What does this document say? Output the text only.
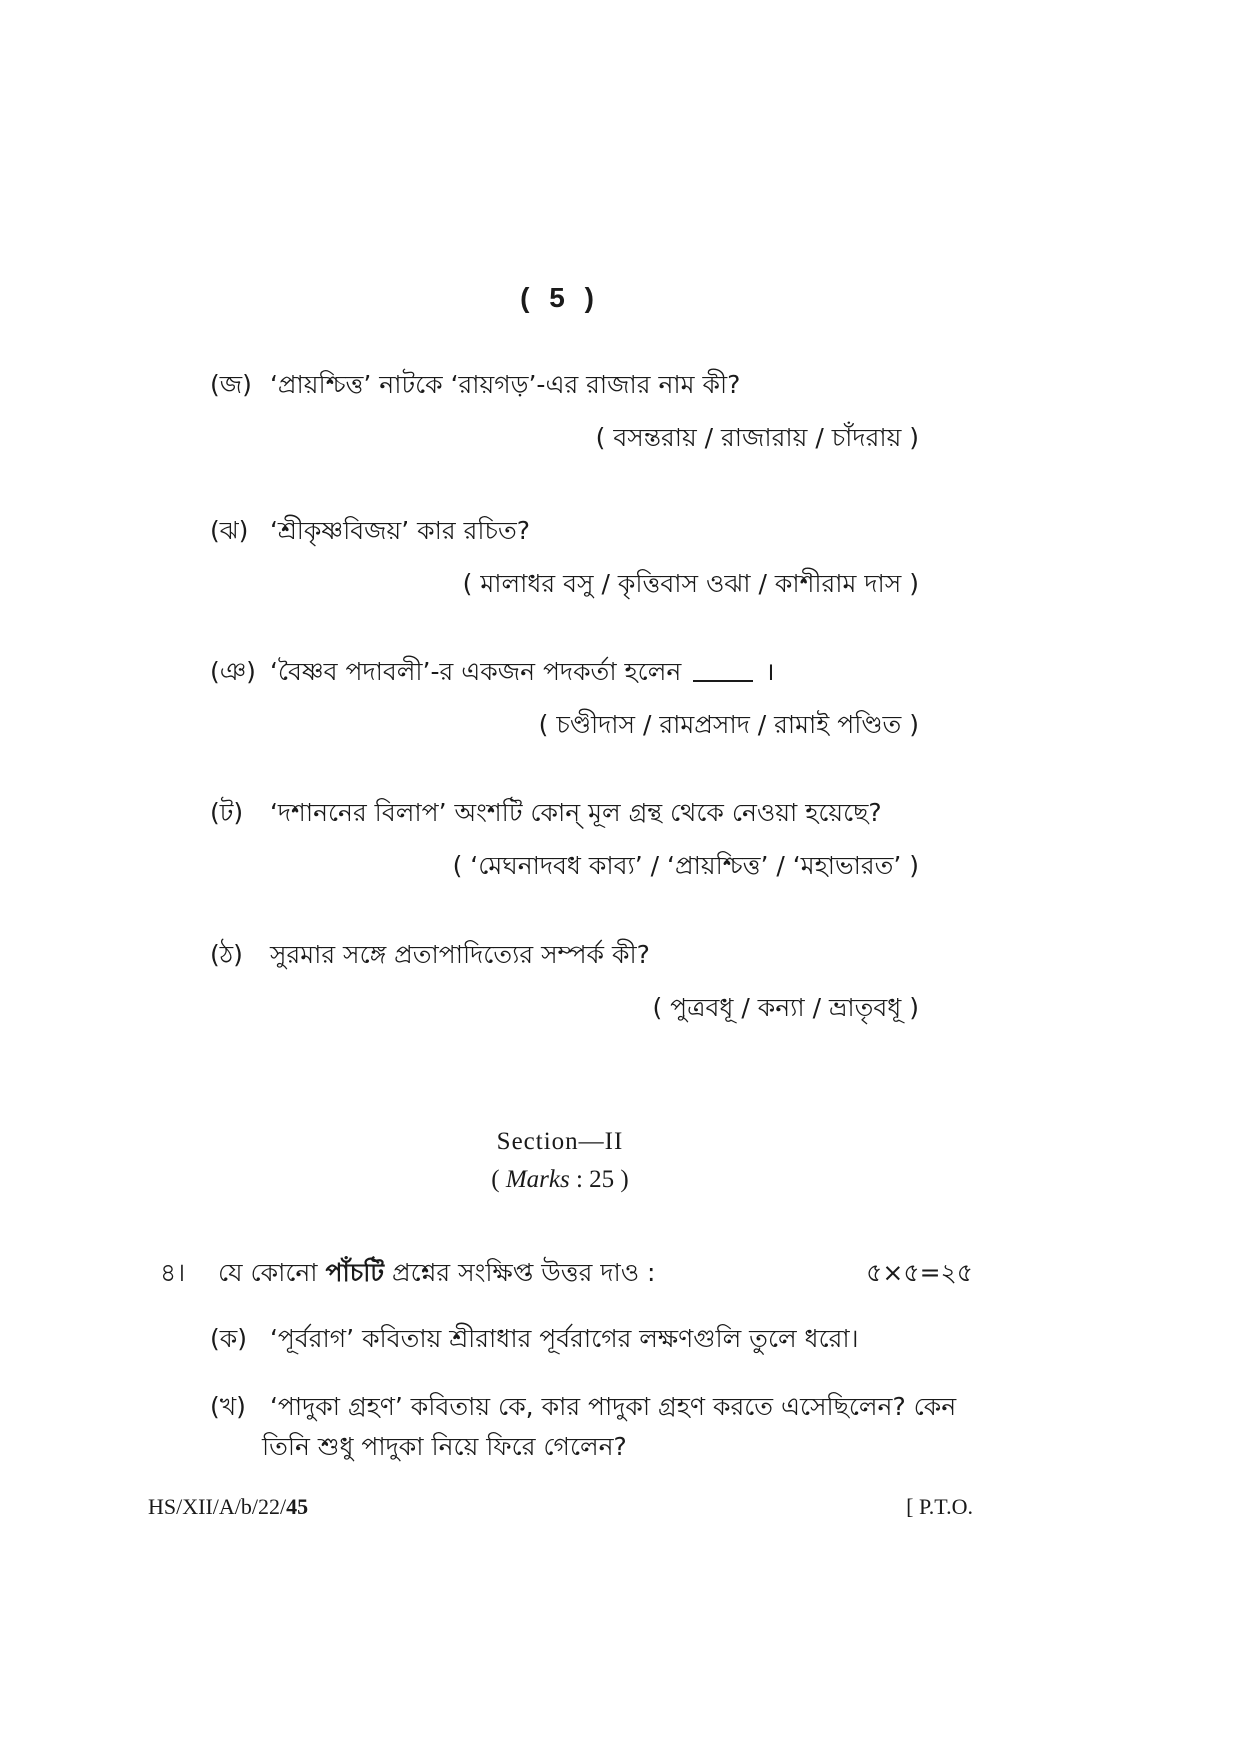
( 5 )
(জ) ‘প্রায়শ্চিত্ত’ নাটকে ‘রায়গড়’-এর রাজার নাম কী?
( বসন্তরায় / রাজারায় / চাঁদরায় )
(ঝ) ‘শ্রীকৃষ্ণবিজয়’ কার রচিত?
( মালাধর বসু / কৃত্তিবাস ওঝা / কাশীরাম দাস )
(ঞ) ‘বৈষ্ণব পদাবলী’-র একজন পদকর্তা হলেন	।
( চণ্ডীদাস / রামপ্রসাদ / রামাই পণ্ডিত )
(ট) ‘দশাননের বিলাপ’ অংশটি কোন্ মূল গ্রন্থ থেকে নেওয়া হয়েছে?
( ‘মেঘনাদবধ কাব্য’ / ‘প্রায়শ্চিত্ত’ / ‘মহাভারত’ )
(ঠ) সুরমার সঙ্গে প্রতাপাদিত্যের সম্পর্ক কী?
( পুত্রবধূ / কন্যা / ভ্রাতৃবধূ )
Section—II
( Marks : 25 )
৪। যে কোনো পাঁচটি প্রশ্নের সংক্ষিপ্ত উত্তর দাও :	৫×৫=২৫
(ক) ‘পূর্বরাগ’ কবিতায় শ্রীরাধার পূর্বরাগের লক্ষণগুলি তুলে ধরো।
(খ) ‘পাদুকা গ্রহণ’ কবিতায় কে, কার পাদুকা গ্রহণ করতে এসেছিলেন? কেন
তিনি শুধু পাদুকা নিয়ে ফিরে গেলেন?
HS/XII/A/b/22/45	[ P.T.O.
